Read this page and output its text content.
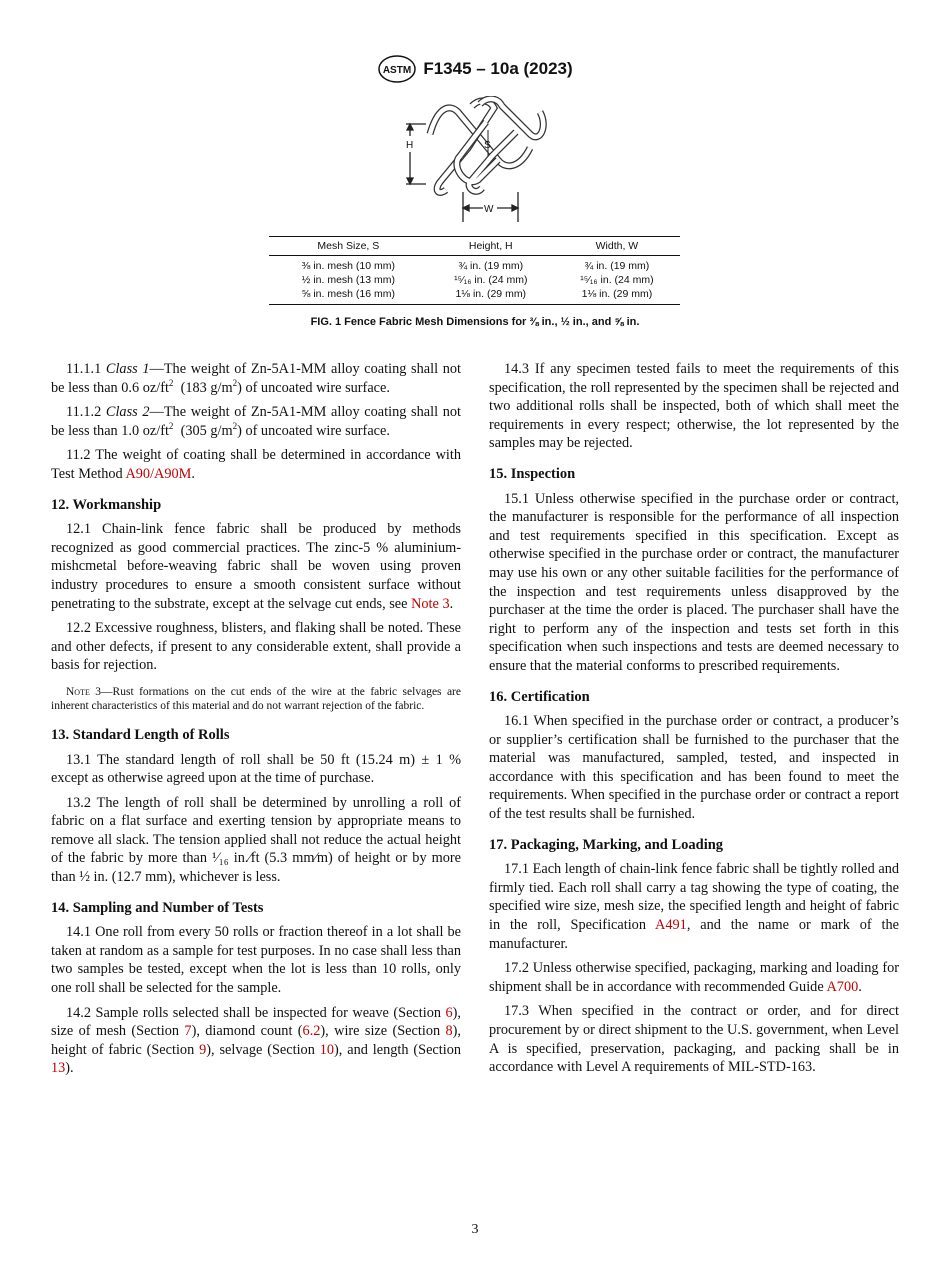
ASTM F1345 – 10a (2023)
H	S
W
Mesh Size, S	Height, H	Width, W
⅜ in. mesh (10 mm)	¾ in. (19 mm)	¾ in. (19 mm)
½ in. mesh (13 mm)	¹⁵⁄₁₆ in. (24 mm)	¹⁵⁄₁₆ in. (24 mm)
⅝ in. mesh (16 mm)	1⅛ in. (29 mm)	1⅛ in. (29 mm)
FIG. 1 Fence Fabric Mesh Dimensions for ⅜ in., ½ in., and ⅝ in.

11.1.1 Class 1—The weight of Zn-5A1-MM alloy coating shall not be less than 0.6 $oz/ft^2$ (183 $g/m^2$) of uncoated wire surface.

11.1.2 Class 2—The weight of Zn-5A1-MM alloy coating shall not be less than 1.0 $oz/ft^2$ (305 $g/m^2$) of uncoated wire surface.

11.2 The weight of coating shall be determined in accordance with Test Method A90/A90M.

12. Workmanship

12.1 Chain-link fence fabric shall be produced by methods recognized as good commercial practices. The zinc-5 % aluminium-mishcmetal before-weaving fabric shall be woven using proven industry procedures to ensure a smooth consistent surface without penetrating to the substrate, except at the selvage cut ends, see Note 3.

12.2 Excessive roughness, blisters, and flaking shall be noted. These and other defects, if present to any considerable extent, shall provide a basis for rejection.

Note 3—Rust formations on the cut ends of the wire at the fabric selvages are inherent characteristics of this material and do not warrant rejection of the fabric.

13. Standard Length of Rolls

13.1 The standard length of roll shall be 50 ft (15.24 m) ± 1 % except as otherwise agreed upon at the time of purchase.

13.2 The length of roll shall be determined by unrolling a roll of fabric on a flat surface and exerting tension by appropriate means to remove all slack. The tension applied shall not reduce the actual height of the fabric by more than ¹⁄₁₆ in.⁄ft (5.3 mm⁄m) of height or by more than ½ in. (12.7 mm), whichever is less.

14. Sampling and Number of Tests

14.1 One roll from every 50 rolls or fraction thereof in a lot shall be taken at random as a sample for test purposes. In no case shall less than two samples be tested, except when the lot is less than 10 rolls, only one roll shall be selected for the sample.

14.2 Sample rolls selected shall be inspected for weave (Section 6), size of mesh (Section 7), diamond count (6.2), wire size (Section 8), height of fabric (Section 9), selvage (Section 10), and length (Section 13).

14.3 If any specimen tested fails to meet the requirements of this specification, the roll represented by the specimen shall be rejected and two additional rolls shall be inspected, both of which shall meet the requirements in every respect; otherwise, the lot represented by the samples may be rejected.

15. Inspection

15.1 Unless otherwise specified in the purchase order or contract, the manufacturer is responsible for the performance of all inspection and test requirements specified in this specification. Except as otherwise specified in the purchase order or contract, the manufacturer may use his own or any other suitable facilities for the performance of the inspection and test requirements unless disapproved by the purchaser at the time the order is placed. The purchaser shall have the right to perform any of the inspection and tests set forth in this specification when such inspections and tests are deemed necessary to ensure that the material conforms to prescribed requirements.

16. Certification

16.1 When specified in the purchase order or contract, a producer’s or supplier’s certification shall be furnished to the purchaser that the material was manufactured, sampled, tested, and inspected in accordance with this specification and has been found to meet the requirements. When specified in the purchase order or contract a report of the test results shall be furnished.

17. Packaging, Marking, and Loading

17.1 Each length of chain-link fence fabric shall be tightly rolled and firmly tied. Each roll shall carry a tag showing the type of coating, the specified wire size, mesh size, the specified length and height of fabric in the roll, Specification A491, and the name or mark of the manufacturer.

17.2 Unless otherwise specified, packaging, marking and loading for shipment shall be in accordance with recommended Guide A700.

17.3 When specified in the contract or order, and for direct procurement by or direct shipment to the U.S. government, when Level A is specified, preservation, packaging, and packing shall be in accordance with Level A requirements of MIL-STD-163.

3
